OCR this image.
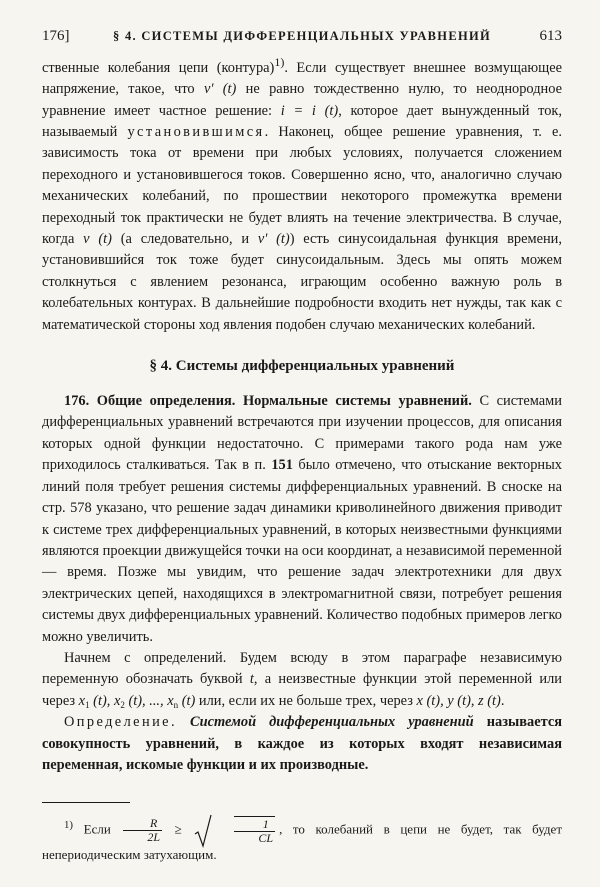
176]	§ 4. СИСТЕМЫ ДИФФЕРЕНЦИАЛЬНЫХ УРАВНЕНИЙ	613

ственные колебания цепи (контура)$^{1)}$. Если существует внешнее возмущающее напряжение, такое, что v' (t) не равно тождественно нулю, то неоднородное уравнение имеет частное решение: i = i (t), которое дает вынужденный ток, называемый установившимся. Наконец, общее решение уравнения, т. е. зависимость тока от времени при любых условиях, получается сложением переходного и установившегося токов. Совершенно ясно, что, аналогично случаю механических колебаний, по прошествии некоторого промежутка времени переходный ток практически не будет влиять на течение электричества. В случае, когда v (t) (а следовательно, и v' (t)) есть синусоидальная функция времени, установившийся ток тоже будет синусоидальным. Здесь мы опять можем столкнуться с явлением резонанса, играющим особенно важную роль в колебательных контурах. В дальнейшие подробности входить нет нужды, так как с математической стороны ход явления подобен случаю механических колебаний.

§ 4. Системы дифференциальных уравнений

176. Общие определения. Нормальные системы уравнений. С системами дифференциальных уравнений встречаются при изучении процессов, для описания которых одной функции недостаточно. С примерами такого рода нам уже приходилось сталкиваться. Так в п. 151 было отмечено, что отыскание векторных линий поля требует решения системы дифференциальных уравнений. В сноске на стр. 578 указано, что решение задач динамики криволинейного движения приводит к системе трех дифференциальных уравнений, в которых неизвестными функциями являются проекции движущейся точки на оси координат, а независимой переменной — время. Позже мы увидим, что решение задач электротехники для двух электрических цепей, находящихся в электромагнитной связи, потребует решения системы двух дифференциальных уравнений. Количество подобных примеров легко можно увеличить.

Начнем с определений. Будем всюду в этом параграфе независимую переменную обозначать буквой t, а неизвестные функции этой переменной или через $x_1$ (t), $x_2$ (t), ..., $x_n$ (t) или, если их не больше трех, через x (t), y (t), z (t).

Определение. Системой дифференциальных уравнений называется совокупность уравнений, в каждое из которых входят независимая переменная, искомые функции и их производные.

$^{1)}$ Если $\frac{R}{2L}$ ≥	$\frac{1}{CL}$ , то колебаний в цепи не будет, так будет непериодическим затухающим.
